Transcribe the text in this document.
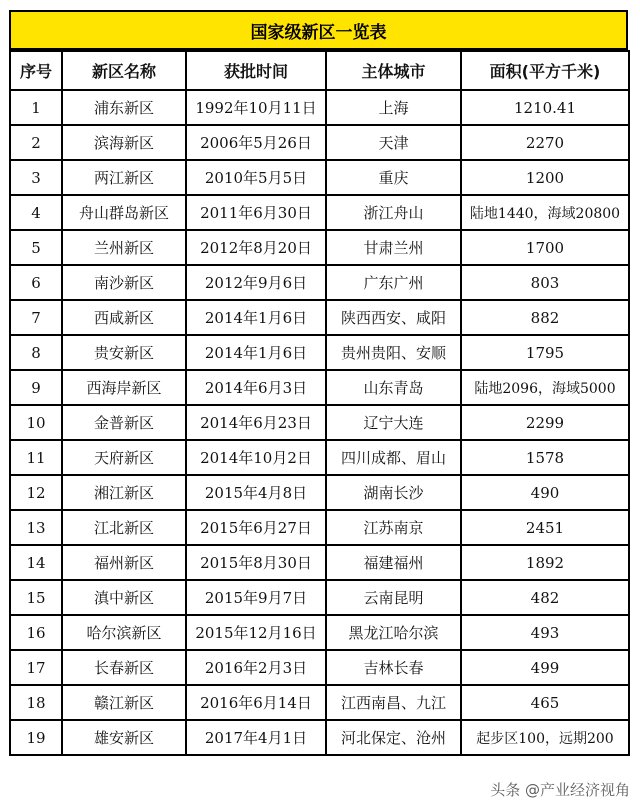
国家级新区一览表
序号	新区名称	获批时间	主体城市	面积(平方千米)
1	浦东新区	1992年10月11日	上海	1210.41
2	滨海新区	2006年5月26日	天津	2270
3	两江新区	2010年5月5日	重庆	1200
4	舟山群岛新区	2011年6月30日	浙江舟山	陆地1440，海域20800
5	兰州新区	2012年8月20日	甘肃兰州	1700
6	南沙新区	2012年9月6日	广东广州	803
7	西咸新区	2014年1月6日	陕西西安、咸阳	882
8	贵安新区	2014年1月6日	贵州贵阳、安顺	1795
9	西海岸新区	2014年6月3日	山东青岛	陆地2096，海域5000
10	金普新区	2014年6月23日	辽宁大连	2299
11	天府新区	2014年10月2日	四川成都、眉山	1578
12	湘江新区	2015年4月8日	湖南长沙	490
13	江北新区	2015年6月27日	江苏南京	2451
14	福州新区	2015年8月30日	福建福州	1892
15	滇中新区	2015年9月7日	云南昆明	482
16	哈尔滨新区	2015年12月16日	黑龙江哈尔滨	493
17	长春新区	2016年2月3日	吉林长春	499
18	赣江新区	2016年6月14日	江西南昌、九江	465
19	雄安新区	2017年4月1日	河北保定、沧州	起步区100，远期200
头条 @产业经济视角
